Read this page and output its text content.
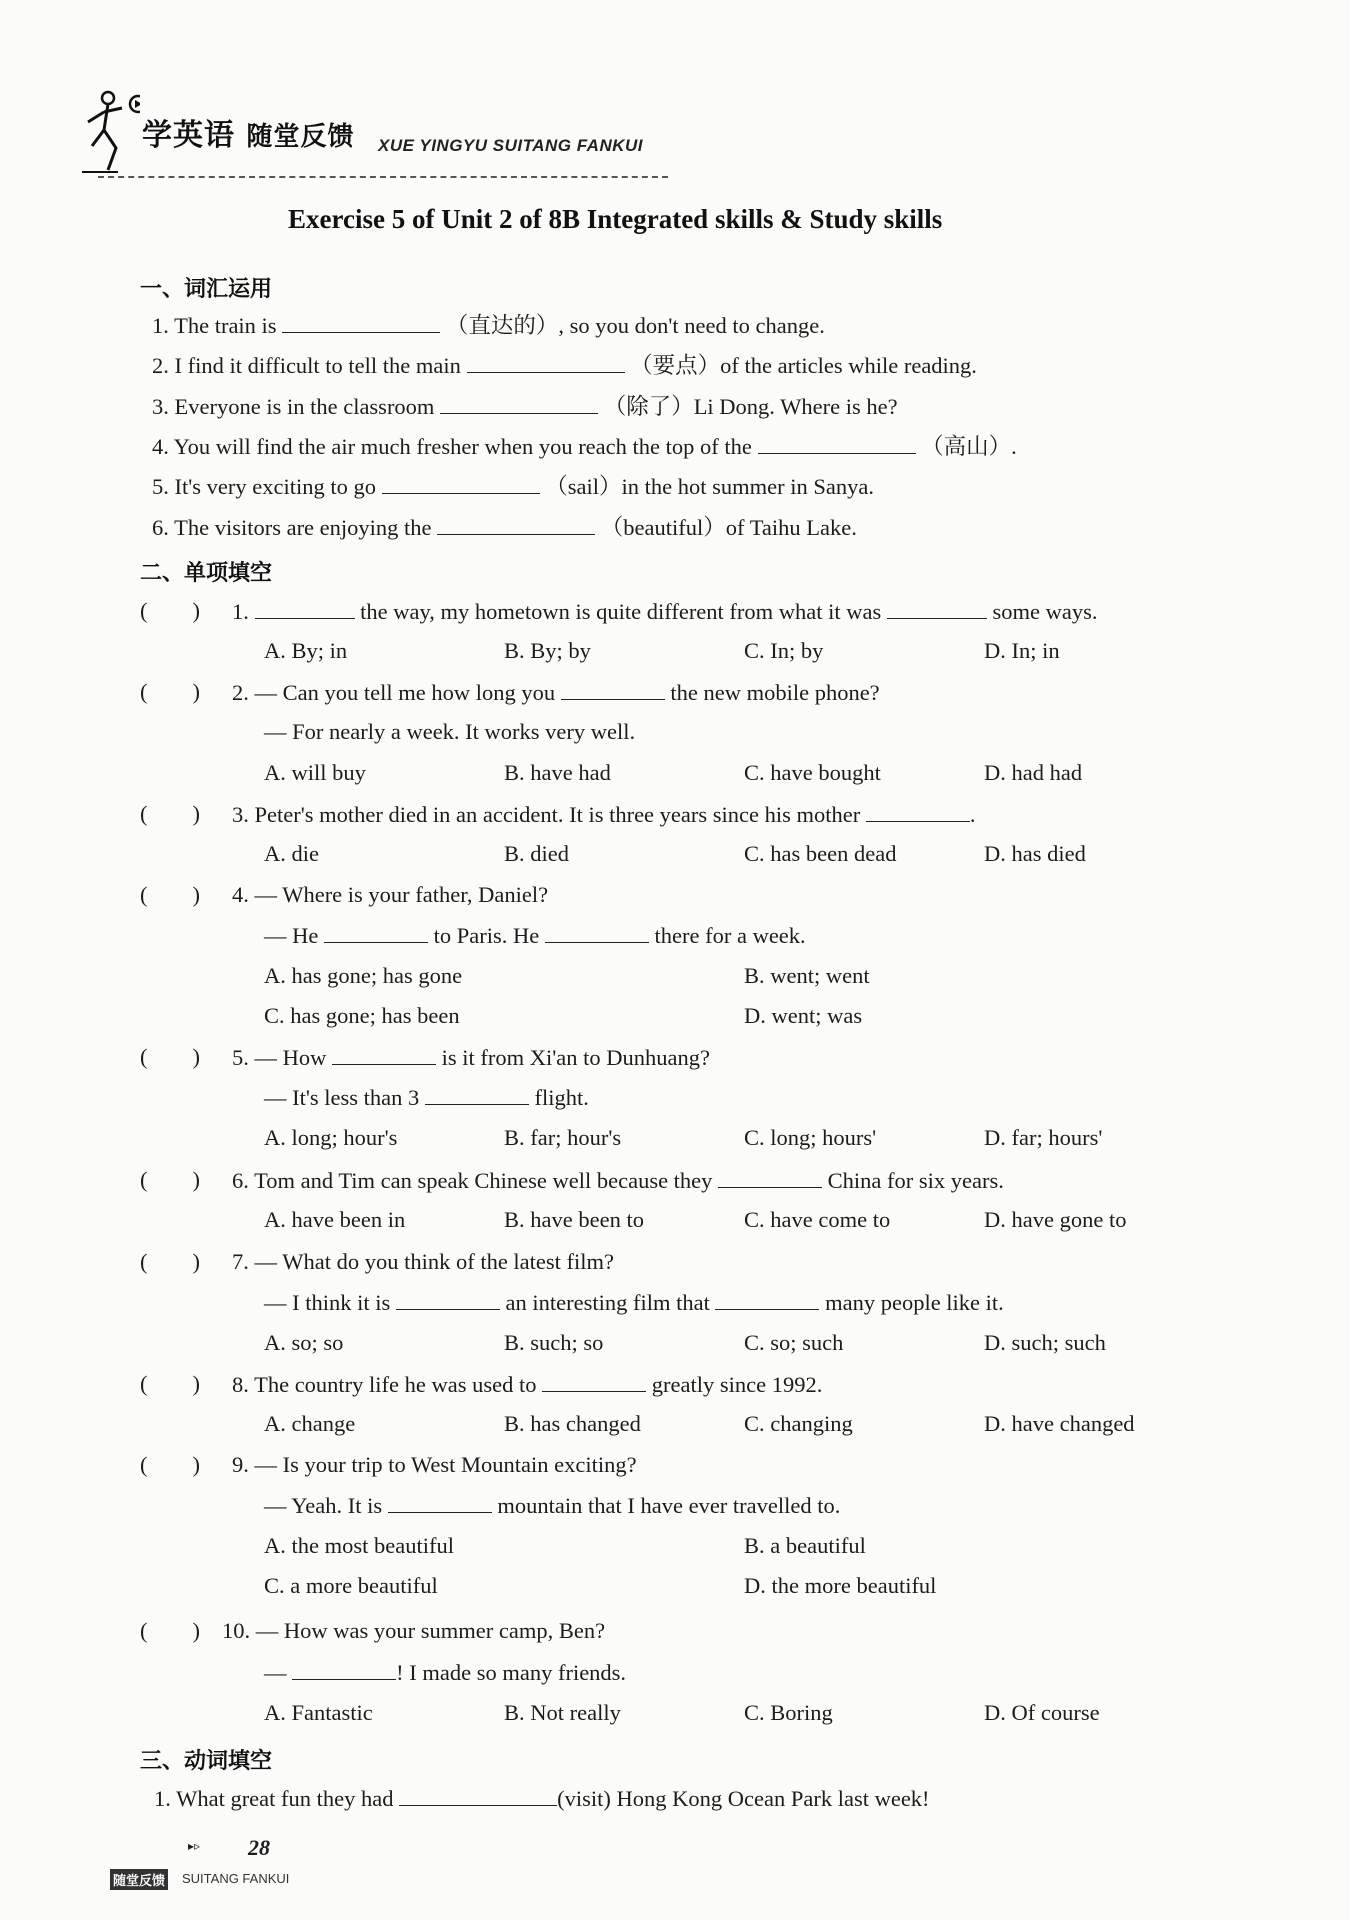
学英语 随堂反馈 XUE YINGYU SUITANG FANKUI
Exercise 5 of Unit 2 of 8B Integrated skills & Study skills
一、词汇运用
1. The train is	（直达的）, so you don't need to change.
2. I find it difficult to tell the main	（要点）of the articles while reading.
3. Everyone is in the classroom	（除了）Li Dong. Where is he?
4. You will find the air much fresher when you reach the top of the	（高山）.
5. It's very exciting to go	（sail）in the hot summer in Sanya.
6. The visitors are enjoying the	（beautiful）of Taihu Lake.
二、单项填空
(　　) 1.	the way, my hometown is quite different from what it was	some ways.
A. By; in	B. By; by	C. In; by	D. In; in
(　　) 2. — Can you tell me how long you	the new mobile phone?
— For nearly a week. It works very well.
A. will buy	B. have had	C. have bought	D. had had
(　　) 3. Peter's mother died in an accident. It is three years since his mother	.
A. die	B. died	C. has been dead	D. has died
(　　) 4. — Where is your father, Daniel?
— He	to Paris. He	there for a week.
A. has gone; has gone	B. went; went
C. has gone; has been	D. went; was
(　　) 5. — How	is it from Xi'an to Dunhuang?
— It's less than 3	flight.
A. long; hour's	B. far; hour's	C. long; hours'	D. far; hours'
(　　) 6. Tom and Tim can speak Chinese well because they	China for six years.
A. have been in	B. have been to	C. have come to	D. have gone to
(　　) 7. — What do you think of the latest film?
— I think it is	an interesting film that	many people like it.
A. so; so	B. such; so	C. so; such	D. such; such
(　　) 8. The country life he was used to	greatly since 1992.
A. change	B. has changed	C. changing	D. have changed
(　　) 9. — Is your trip to West Mountain exciting?
— Yeah. It is	mountain that I have ever travelled to.
A. the most beautiful	B. a beautiful
C. a more beautiful	D. the more beautiful
(　　) 10. — How was your summer camp, Ben?
—	! I made so many friends.
A. Fantastic	B. Not really	C. Boring	D. Of course
三、动词填空
1. What great fun they had	(visit) Hong Kong Ocean Park last week!
▸▹ 28
随堂反馈 SUITANG FANKUI
